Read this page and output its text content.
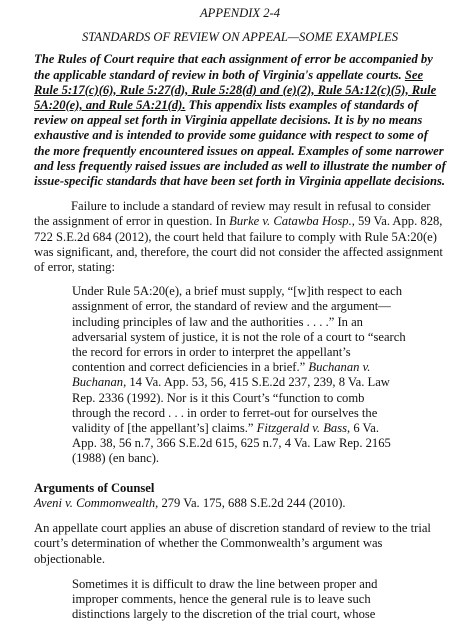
APPENDIX 2-4

STANDARDS OF REVIEW ON APPEAL—SOME EXAMPLES

The Rules of Court require that each assignment of error be accompanied by the applicable standard of review in both of Virginia's appellate courts. See Rule 5:17(c)(6), Rule 5:27(d), Rule 5:28(d) and (e)(2), Rule 5A:12(c)(5), Rule 5A:20(e), and Rule 5A:21(d). This appendix lists examples of standards of review on appeal set forth in Virginia appellate decisions. It is by no means exhaustive and is intended to provide some guidance with respect to some of the more frequently encountered issues on appeal. Examples of some narrower and less frequently raised issues are included as well to illustrate the number of issue-specific standards that have been set forth in Virginia appellate decisions.

Failure to include a standard of review may result in refusal to consider the assignment of error in question. In Burke v. Catawba Hosp., 59 Va. App. 828, 722 S.E.2d 684 (2012), the court held that failure to comply with Rule 5A:20(e) was significant, and, therefore, the court did not consider the affected assignment of error, stating:

Under Rule 5A:20(e), a brief must supply, “[w]ith respect to each assignment of error, the standard of review and the argument—including principles of law and the authorities . . . .” In an adversarial system of justice, it is not the role of a court to “search the record for errors in order to interpret the appellant’s contention and correct deficiencies in a brief.” Buchanan v. Buchanan, 14 Va. App. 53, 56, 415 S.E.2d 237, 239, 8 Va. Law Rep. 2336 (1992). Nor is it this Court’s “function to comb through the record . . . in order to ferret-out for ourselves the validity of [the appellant’s] claims.” Fitzgerald v. Bass, 6 Va. App. 38, 56 n.7, 366 S.E.2d 615, 625 n.7, 4 Va. Law Rep. 2165 (1988) (en banc).

Arguments of Counsel

Aveni v. Commonwealth, 279 Va. 175, 688 S.E.2d 244 (2010).

An appellate court applies an abuse of discretion standard of review to the trial court’s determination of whether the Commonwealth’s argument was objectionable.

Sometimes it is difficult to draw the line between proper and improper comments, hence the general rule is to leave such distinctions largely to the discretion of the trial court, whose
